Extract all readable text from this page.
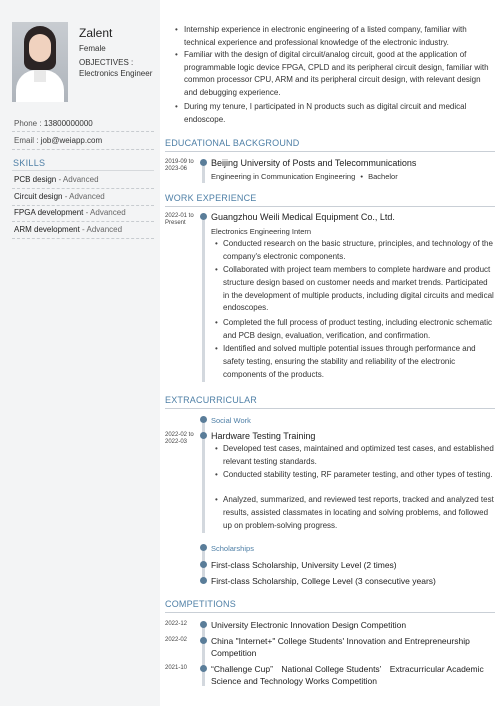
Zalent
Female
OBJECTIVES :
Electronics Engineer
Phone : 13800000000
Email : job@weiapp.com
SKILLS
PCB design - Advanced
Circuit design - Advanced
FPGA development - Advanced
ARM development - Advanced
• Internship experience in electronic engineering of a listed company, familiar with technical experience and professional knowledge of the electronic industry.
• Familiar with the design of digital circuit/analog circuit, good at the application of programmable logic device FPGA, CPLD and its peripheral circuit design, familiar with common processor CPU, ARM and its peripheral circuit design, with relevant design and debugging experience.
• During my tenure, I participated in N products such as digital circuit and medical endoscope.
EDUCATIONAL BACKGROUND
2019-09 to 2023-06
Beijing University of Posts and Telecommunications
Engineering in Communication Engineering • Bachelor
WORK EXPERIENCE
2022-01 to Present
Guangzhou Weili Medical Equipment Co., Ltd.
Electronics Engineering Intern
• Conducted research on the basic structure, principles, and technology of the company's electronic components.
• Collaborated with project team members to complete hardware and product structure design based on customer needs and market trends. Participated in the development of multiple products, including digital circuits and medical endoscopes.
• Completed the full process of product testing, including electronic schematic and PCB design, evaluation, verification, and confirmation.
• Identified and solved multiple potential issues through performance and safety testing, ensuring the stability and reliability of the electronic components of the products.
EXTRACURRICULAR
Social Work
2022-02 to 2022-03
Hardware Testing Training
• Developed test cases, maintained and optimized test cases, and established relevant testing standards.
• Conducted stability testing, RF parameter testing, and other types of testing.
• Analyzed, summarized, and reviewed test reports, tracked and analyzed test results, assisted classmates in locating and solving problems, and followed up on problem-solving progress.
Scholarships
First-class Scholarship, University Level (2 times)
First-class Scholarship, College Level (3 consecutive years)
COMPETITIONS
2022-12	University Electronic Innovation Design Competition
2022-02	China "Internet+" College Students' Innovation and Entrepreneurship Competition
2021-10	“Challenge Cup”　National College Students’　Extracurricular Academic Science and Technology Works Competition
